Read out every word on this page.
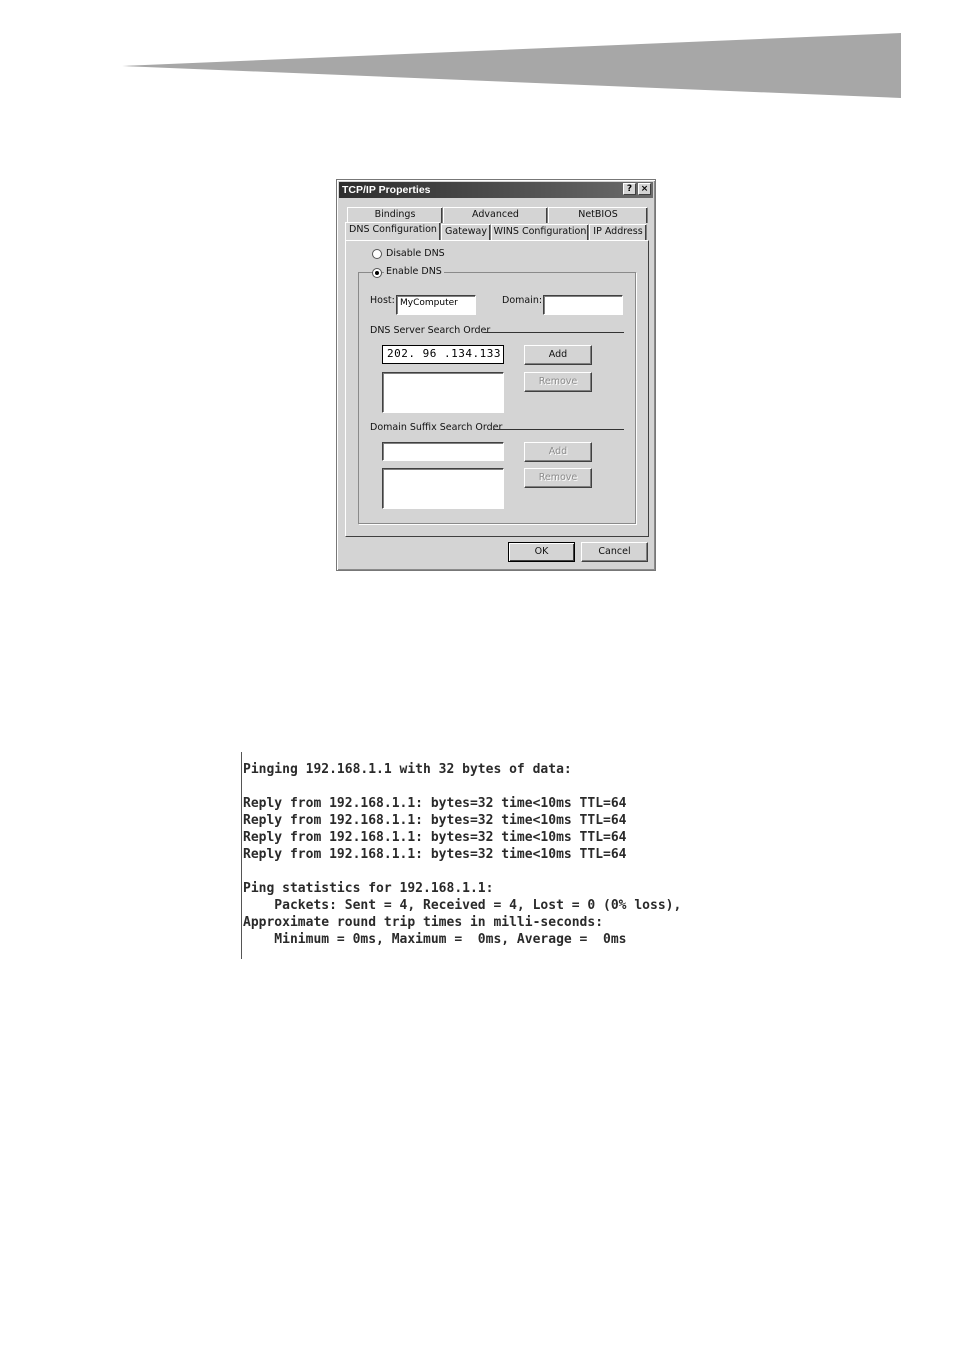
TCP/IP Properties	? ×
Bindings	Advanced	NetBIOS
DNS Configuration Gateway WINS Configuration IP Address
Disable DNS
Enable DNS
Host: MyComputer	Domain:
DNS Server Search Order
202. 96 .134.133	Add
Remove
Domain Suffix Search Order
Add
Remove
OK	Cancel
Pinging 192.168.1.1 with 32 bytes of data:

Reply from 192.168.1.1: bytes=32 time<10ms TTL=64
Reply from 192.168.1.1: bytes=32 time<10ms TTL=64
Reply from 192.168.1.1: bytes=32 time<10ms TTL=64
Reply from 192.168.1.1: bytes=32 time<10ms TTL=64

Ping statistics for 192.168.1.1:
Packets: Sent = 4, Received = 4, Lost = 0 (0% loss),
Approximate round trip times in milli-seconds:
Minimum = 0ms, Maximum =  0ms, Average =  0ms
